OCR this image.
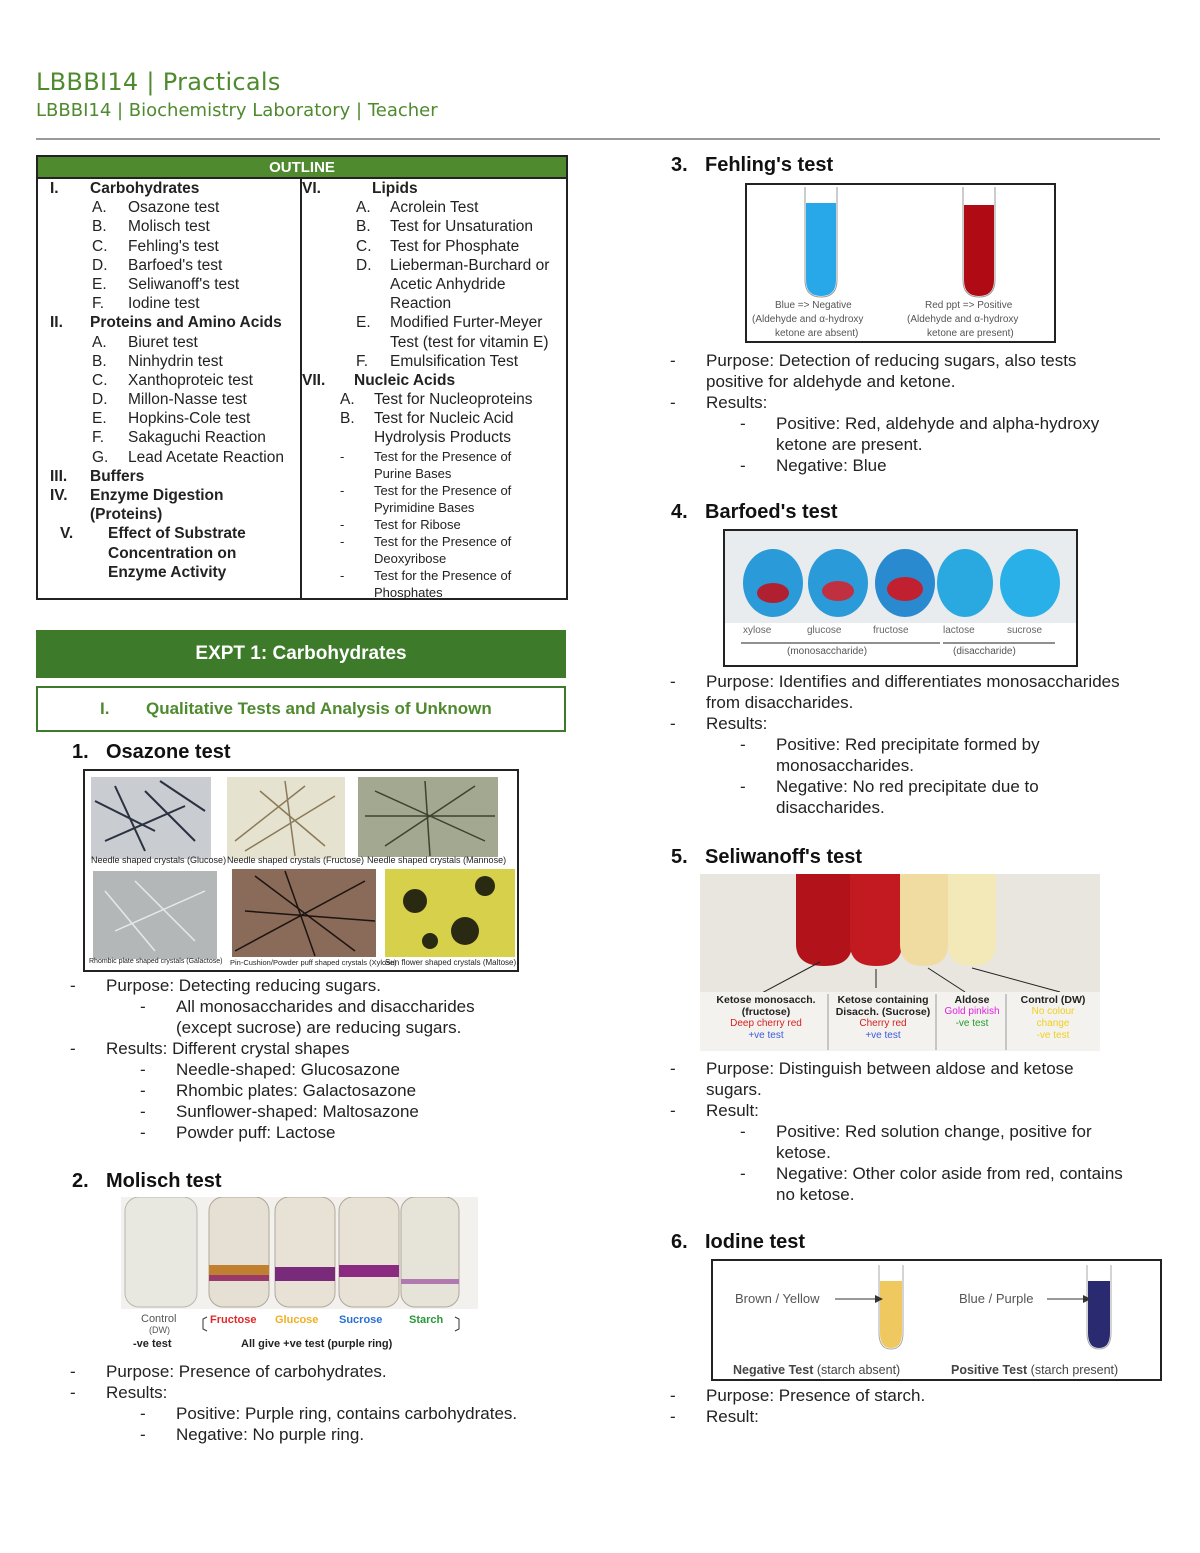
LBBBI14 | Practicals
LBBBI14 | Biochemistry Laboratory | Teacher
OUTLINE
I. Carbohydrates
A. Osazone test
B. Molisch test
C. Fehling's test
D. Barfoed's test
E. Seliwanoff's test
F. Iodine test
II. Proteins and Amino Acids
A. Biuret test
B. Ninhydrin test
C. Xanthoproteic test
D. Millon-Nasse test
E. Hopkins-Cole test
F. Sakaguchi Reaction
G. Lead Acetate Reaction
III. Buffers
IV. Enzyme Digestion
(Proteins)
V. Effect of Substrate
Concentration on
Enzyme Activity
VI.	Lipids
A. Acrolein Test
B. Test for Unsaturation
C. Test for Phosphate
D. Lieberman-Burchard or
Acetic Anhydride
Reaction
E. Modified Furter-Meyer
Test (test for vitamin E)
F. Emulsification Test
VII. Nucleic Acids
A. Test for Nucleoproteins
B. Test for Nucleic Acid
Hydrolysis Products
- Test for the Presence of
Purine Bases
- Test for the Presence of
Pyrimidine Bases
- Test for Ribose
- Test for the Presence of
Deoxyribose
- Test for the Presence of
Phosphates
EXPT 1: Carbohydrates
I. Qualitative Tests and Analysis of Unknown
1. Osazone test
Needle shaped crystals (Glucose) Needle shaped crystals (Fructose) Needle shaped crystals (Mannose)
Rhombic plate shaped crystals (Galactose) Pin-Cushion/Powder puff shaped crystals (Xylose)
Sun flower shaped crystals (Maltose)
- Purpose: Detecting reducing sugars.
- All monosaccharides and disaccharides
(except sucrose) are reducing sugars.
- Results: Different crystal shapes
- Needle-shaped: Glucosazone
- Rhombic plates: Galactosazone
- Sunflower-shaped: Maltosazone
- Powder puff: Lactose
2. Molisch test
Control
(DW)
-ve test
Fructose Glucose Sucrose Starch
All give +ve test (purple ring)
- Purpose: Presence of carbohydrates.
- Results:
- Positive: Purple ring, contains carbohydrates.
- Negative: No purple ring.
3. Fehling's test
Blue => Negative
(Aldehyde and α-hydroxy
ketone are absent)
Red ppt => Positive
(Aldehyde and α-hydroxy
ketone are present)
- Purpose: Detection of reducing sugars, also tests
positive for aldehyde and ketone.
- Results:
- Positive: Red, aldehyde and alpha-hydroxy
ketone are present.
- Negative: Blue
4. Barfoed's test
xylose	glucose	fructose	lactose	sucrose
(monosaccharide)	(disaccharide)
- Purpose: Identifies and differentiates monosaccharides
from disaccharides.
- Results:
- Positive: Red precipitate formed by
monosaccharides.
- Negative: No red precipitate due to
disaccharides.
5. Seliwanoff's test
Ketose monosacch.
(fructose)
Deep cherry red
+ve test
Ketose containing
Disacch. (Sucrose)
Cherry red
+ve test
Aldose
Gold pinkish
-ve test
Control (DW)
No colour
change
-ve test
- Purpose: Distinguish between aldose and ketose
sugars.
- Result:
- Positive: Red solution change, positive for
ketose.
- Negative: Other color aside from red, contains
no ketose.
6. Iodine test
Brown / Yellow	Blue / Purple
Negative Test (starch absent)	Positive Test (starch present)
- Purpose: Presence of starch.
- Result:
